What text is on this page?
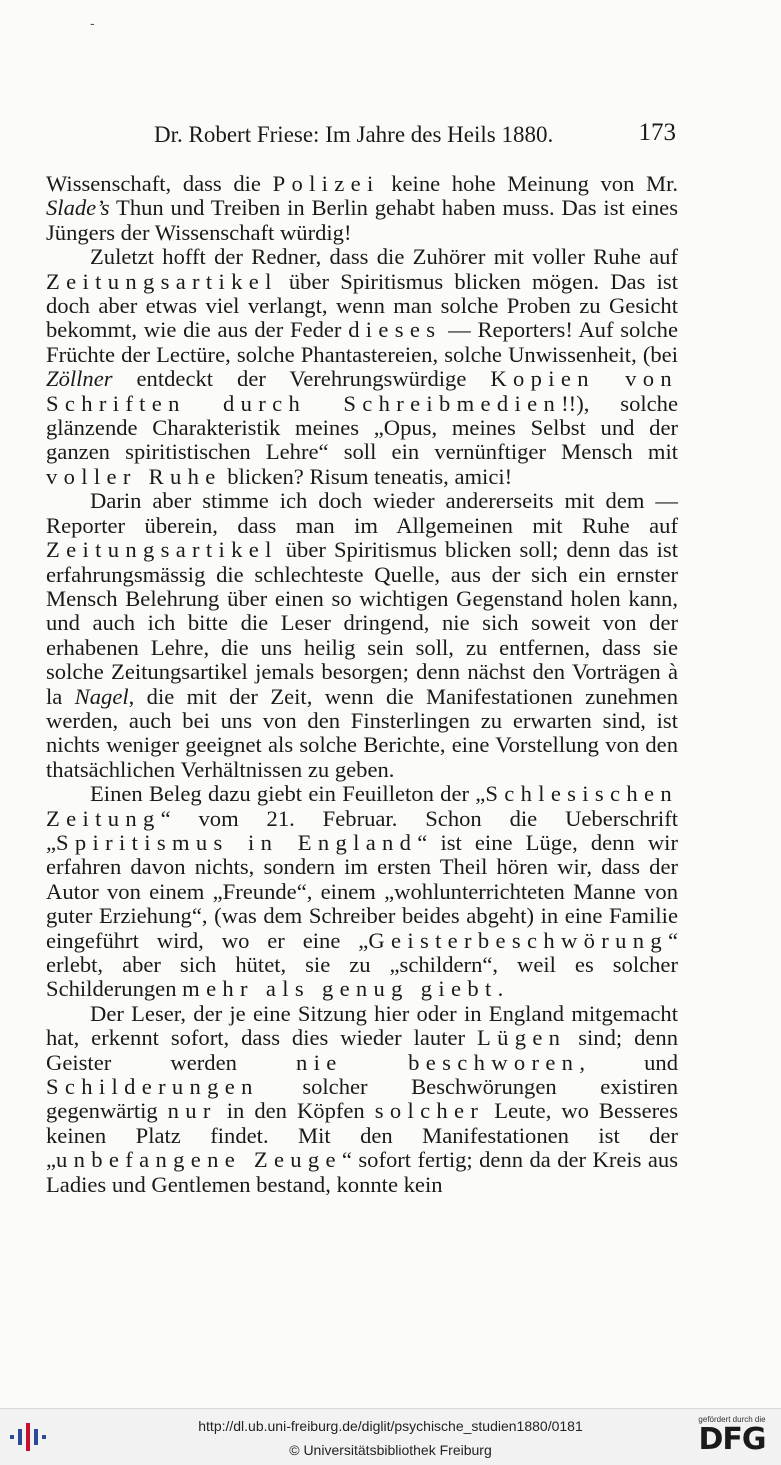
-
Dr. Robert Friese: Im Jahre des Heils 1880.	173

Wissenschaft, dass die Polizei keine hohe Meinung von Mr. Slade’s Thun und Treiben in Berlin gehabt haben muss. Das ist eines Jüngers der Wissenschaft würdig!

Zuletzt hofft der Redner, dass die Zuhörer mit voller Ruhe auf Zeitungsartikel über Spiritismus blicken mögen. Das ist doch aber etwas viel verlangt, wenn man solche Proben zu Gesicht bekommt, wie die aus der Feder dieses — Reporters! Auf solche Früchte der Lectüre, solche Phantastereien, solche Unwissenheit, (bei Zöllner entdeckt der Verehrungswürdige Kopien von Schriften durch Schreibmedien!!), solche glänzende Charakteristik meines „Opus, meines Selbst und der ganzen spiritistischen Lehre“ soll ein vernünftiger Mensch mit voller Ruhe blicken? Risum teneatis, amici!

Darin aber stimme ich doch wieder andererseits mit dem — Reporter überein, dass man im Allgemeinen mit Ruhe auf Zeitungsartikel über Spiritismus blicken soll; denn das ist erfahrungsmässig die schlechteste Quelle, aus der sich ein ernster Mensch Belehrung über einen so wichtigen Gegenstand holen kann, und auch ich bitte die Leser dringend, nie sich soweit von der erhabenen Lehre, die uns heilig sein soll, zu entfernen, dass sie solche Zeitungsartikel jemals besorgen; denn nächst den Vorträgen à la Nagel, die mit der Zeit, wenn die Manifestationen zunehmen werden, auch bei uns von den Finsterlingen zu erwarten sind, ist nichts weniger geeignet als solche Berichte, eine Vorstellung von den thatsächlichen Verhältnissen zu geben.

Einen Beleg dazu giebt ein Feuilleton der „Schlesischen Zeitung“ vom 21. Februar. Schon die Ueberschrift „Spiritismus in England“ ist eine Lüge, denn wir erfahren davon nichts, sondern im ersten Theil hören wir, dass der Autor von einem „Freunde“, einem „wohlunterrichteten Manne von guter Erziehung“, (was dem Schreiber beides abgeht) in eine Familie eingeführt wird, wo er eine „Geisterbeschwörung“ erlebt, aber sich hütet, sie zu „schildern“, weil es solcher Schilderungen mehr als genug giebt.

Der Leser, der je eine Sitzung hier oder in England mitgemacht hat, erkennt sofort, dass dies wieder lauter Lügen sind; denn Geister werden nie beschworen, und Schilderungen solcher Beschwörungen existiren gegenwärtig nur in den Köpfen solcher Leute, wo Besseres keinen Platz findet. Mit den Manifestationen ist der „unbefangene Zeuge“ sofort fertig; denn da der Kreis aus Ladies und Gentlemen bestand, konnte kein

http://dl.ub.uni-freiburg.de/diglit/psychische_studien1880/0181
© Universitätsbibliothek Freiburg
gefördert durch die
DFG
